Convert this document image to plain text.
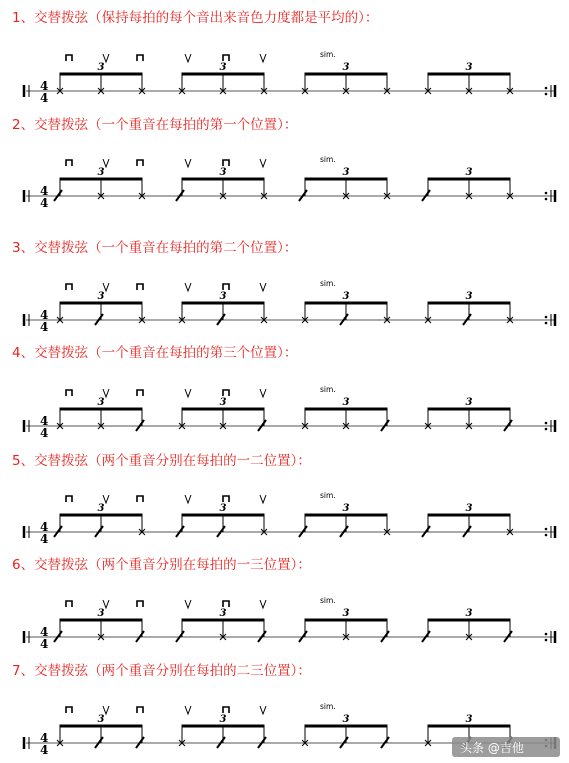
1、交替拨弦（保持每拍的每个音出来音色力度都是平均的）：
4
4
sim.
3	3	3	3
2、交替拨弦（一个重音在每拍的第一个位置）：
4
4
sim.
3	3	3	3
3、交替拨弦（一个重音在每拍的第二个位置）：
4
4
sim.
3	3	3	3
4、交替拨弦（一个重音在每拍的第三个位置）：
4
4
sim.
3	3	3	3
5、交替拨弦（两个重音分别在每拍的一二位置）：
4
4
sim.
3	3	3	3
6、交替拨弦（两个重音分别在每拍的一三位置）：
4
4
sim.
3	3	3	3
7、交替拨弦（两个重音分别在每拍的二三位置）：
4
4
sim.
3	3	3	3
头条 @吉他
